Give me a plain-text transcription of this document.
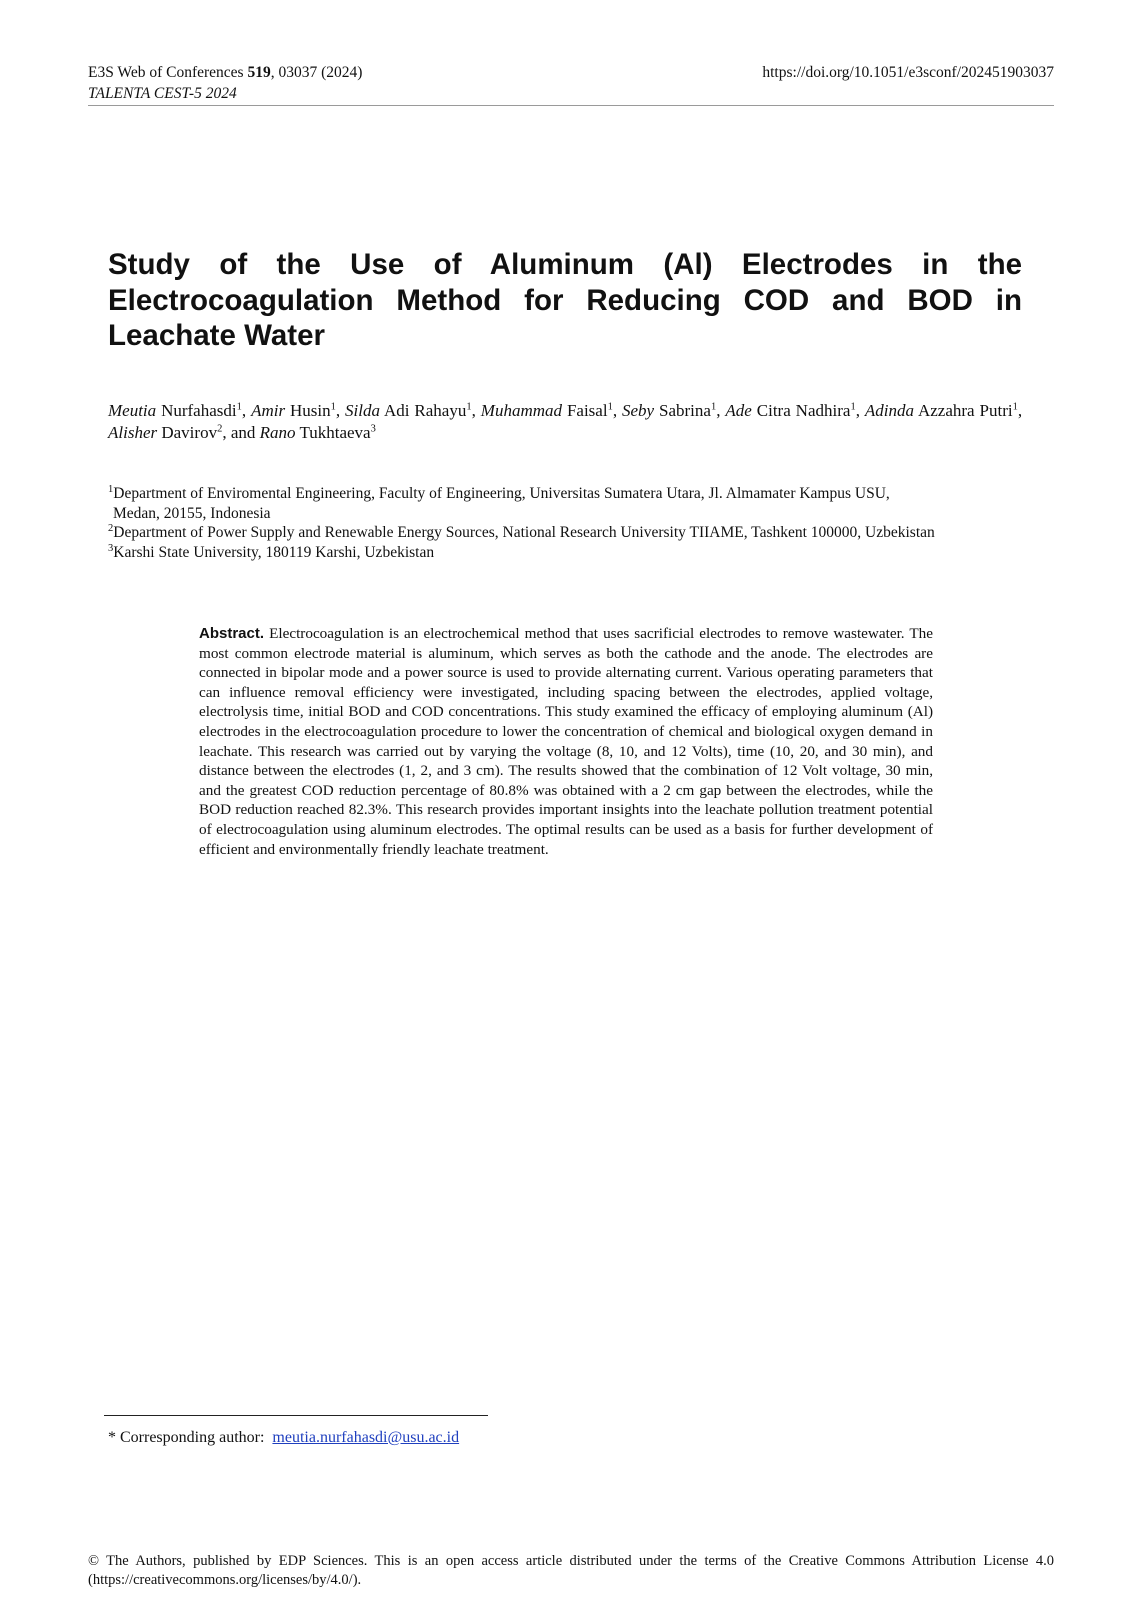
E3S Web of Conferences 519, 03037 (2024)
TALENTA CEST-5 2024
https://doi.org/10.1051/e3sconf/202451903037
Study of the Use of Aluminum (Al) Electrodes in the Electrocoagulation Method for Reducing COD and BOD in Leachate Water
Meutia Nurfahasdi$^1$, Amir Husin$^1$, Silda Adi Rahayu$^1$, Muhammad Faisal$^1$, Seby Sabrina$^1$, Ade Citra Nadhira$^1$, Adinda Azzahra Putri$^1$, Alisher Davirov$^2$, and Rano Tukhtaeva$^3$
$^1$Department of Enviromental Engineering, Faculty of Engineering, Universitas Sumatera Utara, Jl. Almamater Kampus USU,
Medan, 20155, Indonesia
$^2$Department of Power Supply and Renewable Energy Sources, National Research University TIIAME, Tashkent 100000, Uzbekistan
$^3$Karshi State University, 180119 Karshi, Uzbekistan
Abstract. Electrocoagulation is an electrochemical method that uses sacrificial electrodes to remove wastewater. The most common electrode material is aluminum, which serves as both the cathode and the anode. The electrodes are connected in bipolar mode and a power source is used to provide alternating current. Various operating parameters that can influence removal efficiency were investigated, including spacing between the electrodes, applied voltage, electrolysis time, initial BOD and COD concentrations. This study examined the efficacy of employing aluminum (Al) electrodes in the electrocoagulation procedure to lower the concentration of chemical and biological oxygen demand in leachate. This research was carried out by varying the voltage (8, 10, and 12 Volts), time (10, 20, and 30 min), and distance between the electrodes (1, 2, and 3 cm). The results showed that the combination of 12 Volt voltage, 30 min, and the greatest COD reduction percentage of 80.8% was obtained with a 2 cm gap between the electrodes, while the BOD reduction reached 82.3%. This research provides important insights into the leachate pollution treatment potential of electrocoagulation using aluminum electrodes. The optimal results can be used as a basis for further development of efficient and environmentally friendly leachate treatment.
* Corresponding author: meutia.nurfahasdi@usu.ac.id
© The Authors, published by EDP Sciences. This is an open access article distributed under the terms of the Creative Commons Attribution License 4.0 (https://creativecommons.org/licenses/by/4.0/).
